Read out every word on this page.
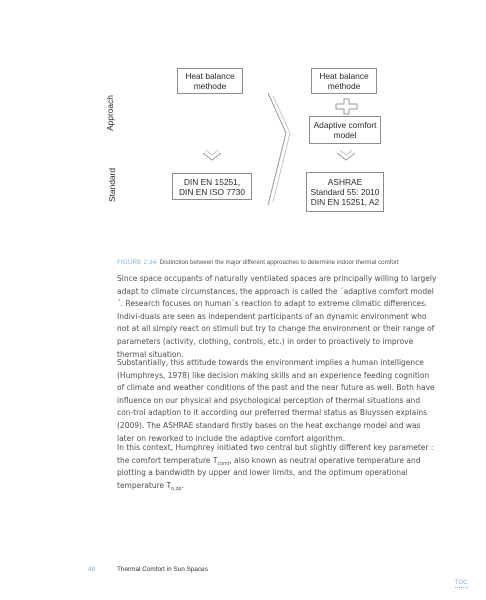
Approach
Standard
Heat balance
methode
Heat balance
methode
Adaptive comfort
model
DIN EN 15251,
DIN EN ISO 7730
ASHRAE
Standard 55: 2010
DIN EN 15251, A2
FIGURE 2.34 Distinction between the major different approaches to determine indoor thermal comfort

Since space occupants of naturally ventilated spaces are principally willing to largely adapt to climate circumstances, the approach is called the ´adaptive comfort model´. Research focuses on human´s reaction to adapt to extreme climatic differences. Indivi-duals are seen as independent participants of an dynamic environment who not at all simply react on stimuli but try to change the environment or their range of parameters (activity, clothing, controls, etc.) in order to proactively to improve thermal situation.

Substantially, this attitude towards the environment implies a human intelligence (Humphreys, 1978) like decision making skills and an experience feeding cognition of climate and weather conditions of the past and the near future as well. Both have influence on our physical and psychological perception of thermal situations and con-trol adaption to it according our preferred thermal status as Bluyssen explains (2009). The ASHRAE standard firstly bases on the heat exchange model and was later on reworked to include the adaptive comfort algorithm.

In this context, Humphrey initiated two central but slightly different key parameter : the comfort temperature $T_{comf}$, also known as neutral operative temperature and plotting a bandwidth by upper and lower limits, and the optimum operational temperature $T_{o,op}$.

48	Thermal Comfort in Sun Spaces
TOC
